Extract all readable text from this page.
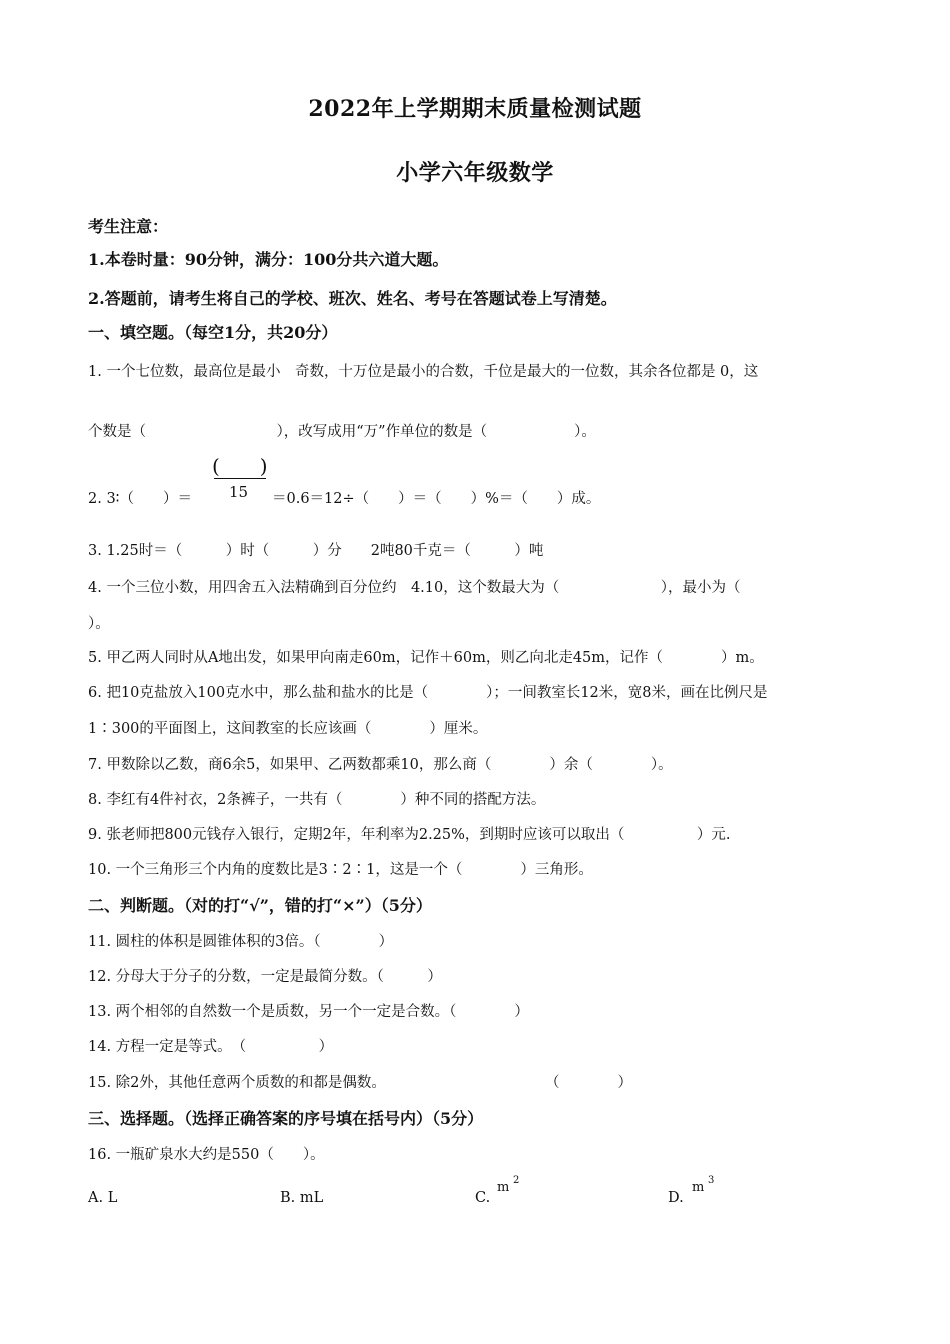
2022年上学期期末质量检测试题
小学六年级数学
考生注意：
1.本卷时量：90分钟，满分：100分共六道大题。
2.答题前，请考生将自己的学校、班次、姓名、考号在答题试卷上写清楚。
一、填空题。（每空1分，共20分）
1. 一个七位数，最高位是最小　奇数，十万位是最小的合数，千位是最大的一位数，其余各位都是 0，这
个数是（　　　　　　　　　），改写成用“万”作单位的数是（　　　　　　）。
2. 3∶（　　）＝
(　　)
15 ＝0.6＝12÷（　　）＝（　　）%＝（　　）成。
3. 1.25时＝（　　　）时（　　　）分　　2吨80千克＝（　　　）吨
4. 一个三位小数，用四舍五入法精确到百分位约　4.10，这个数最大为（　　　　　　　），最小为（
）。
5. 甲乙两人同时从A地出发，如果甲向南走60m，记作＋60m，则乙向北走45m，记作（　　　　）m。
6. 把10克盐放入100克水中，那么盐和盐水的比是（　　　　）；一间教室长12米，宽8米，画在比例尺是
1∶300的平面图上，这间教室的长应该画（　　　　）厘米。
7. 甲数除以乙数，商6余5，如果甲、乙两数都乘10，那么商（　　　　）余（　　　　）。
8. 李红有4件衬衣，2条裤子，一共有（　　　　）种不同的搭配方法。
9. 张老师把800元钱存入银行，定期2年，年利率为2.25%，到期时应该可以取出（　　　　　）元.
10. 一个三角形三个内角的度数比是3∶2∶1，这是一个（　　　　）三角形。
二、判断题。（对的打“√”，错的打“×”）（5分）
11. 圆柱的体积是圆锥体积的3倍。（　　　　）
12. 分母大于分子的分数，一定是最简分数。（　　　）
13. 两个相邻的自然数一个是质数，另一个一定是合数。（　　　　）
14. 方程一定是等式。　（　　　　　）
15. 除2外，其他任意两个质数的和都是偶数。	（　　　　）
三、选择题。（选择正确答案的序号填在括号内）（5分）
16. 一瓶矿泉水大约是550（　　）。
A. L	B. mL	C.
m 2
D.
m 3
